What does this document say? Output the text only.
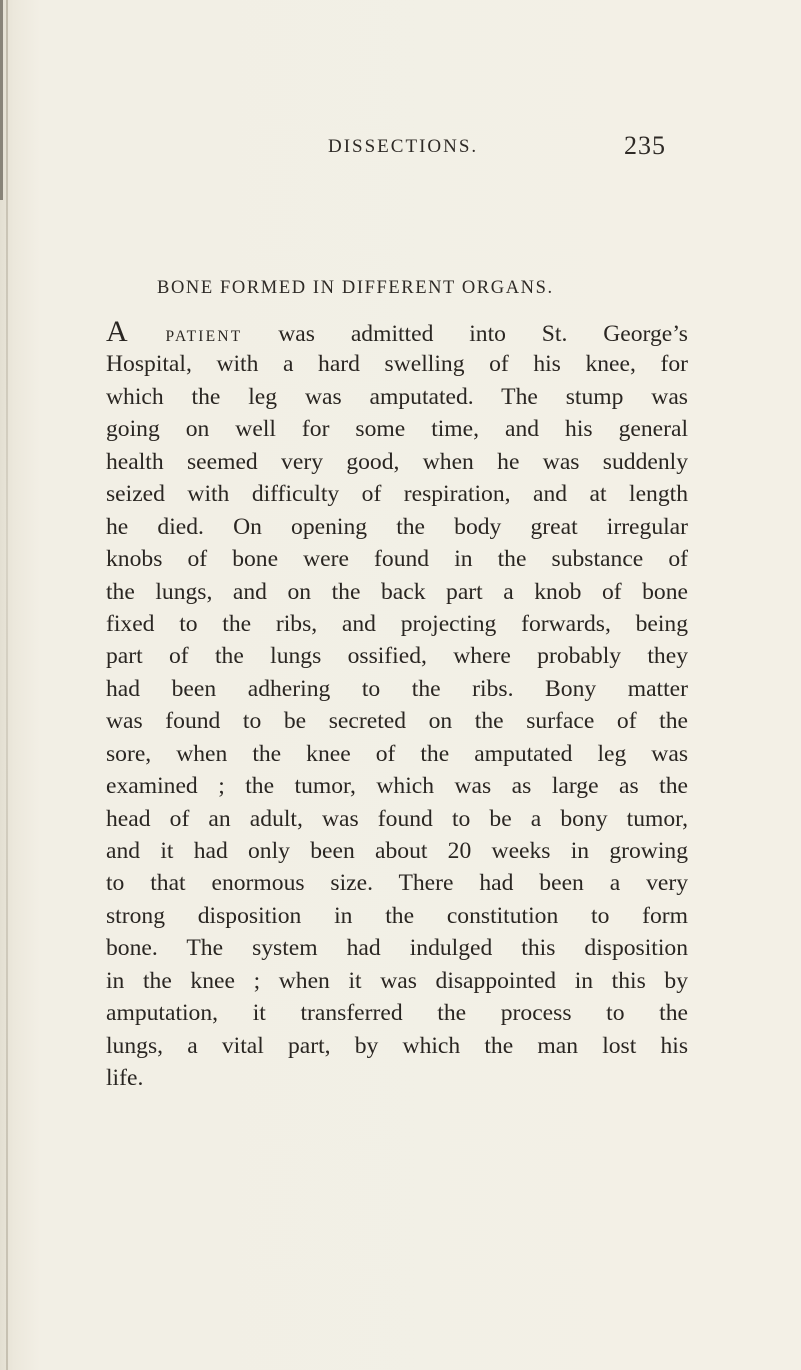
DISSECTIONS.	235
BONE FORMED IN DIFFERENT ORGANS.
A PATIENT was admitted into St. George’s
Hospital, with a hard swelling of his knee, for
which the leg was amputated. The stump was
going on well for some time, and his general
health seemed very good, when he was suddenly
seized with difficulty of respiration, and at length
he died. On opening the body great irregular
knobs of bone were found in the substance of
the lungs, and on the back part a knob of bone
fixed to the ribs, and projecting forwards, being
part of the lungs ossified, where probably they
had been adhering to the ribs. Bony matter
was found to be secreted on the surface of the
sore, when the knee of the amputated leg was
examined ; the tumor, which was as large as the
head of an adult, was found to be a bony tumor,
and it had only been about 20 weeks in growing
to that enormous size. There had been a very
strong disposition in the constitution to form
bone. The system had indulged this disposition
in the knee ; when it was disappointed in this by
amputation, it transferred the process to the
lungs, a vital part, by which the man lost his
life.
